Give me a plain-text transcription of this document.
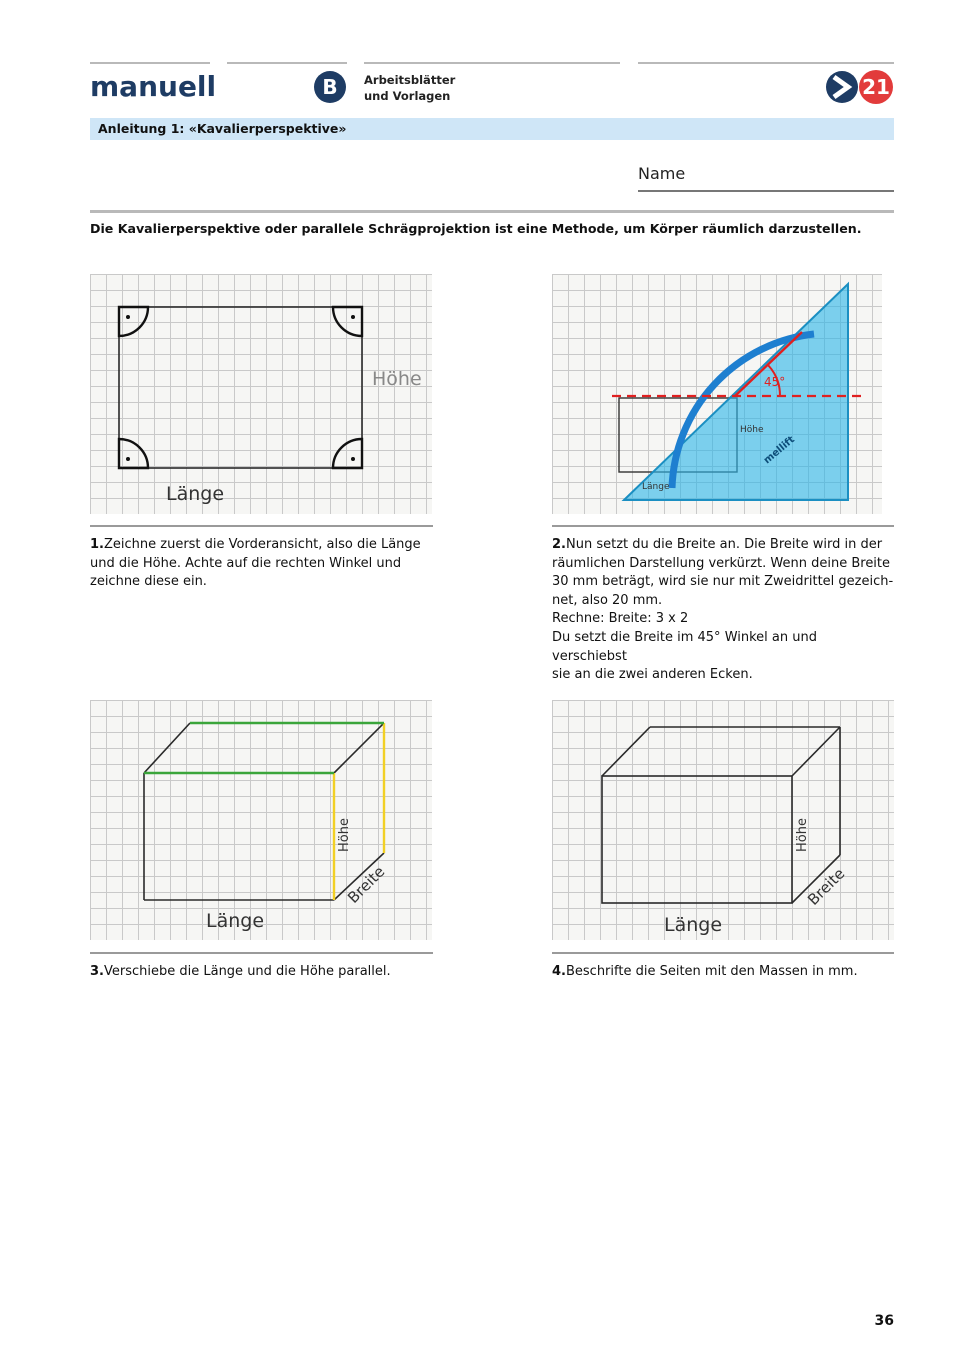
manuell	B	Arbeitsblätter
und Vorlagen	21
Anleitung 1: «Kavalierperspektive»
Name
Die Kavalierperspektive oder parallele Schrägprojektion ist eine Methode, um Körper räumlich darzustellen.
Höhe
Länge
45°
Höhe
Länge
mellift
1.Zeichne zuerst die Vorderansicht, also die Länge
und die Höhe. Achte auf die rechten Winkel und
zeichne diese ein.
2.Nun setzt du die Breite an. Die Breite wird in der
räumlichen Darstellung verkürzt. Wenn deine Breite
30 mm beträgt, wird sie nur mit Zweidrittel gezeich-
net, also 20 mm.
Rechne: Breite: 3 x 2
Du setzt die Breite im 45° Winkel an und verschiebst
sie an die zwei anderen Ecken.
Länge
Höhe
Breite
Länge
Höhe
Breite
3.Verschiebe die Länge und die Höhe parallel.	4.Beschrifte die Seiten mit den Massen in mm.
36
